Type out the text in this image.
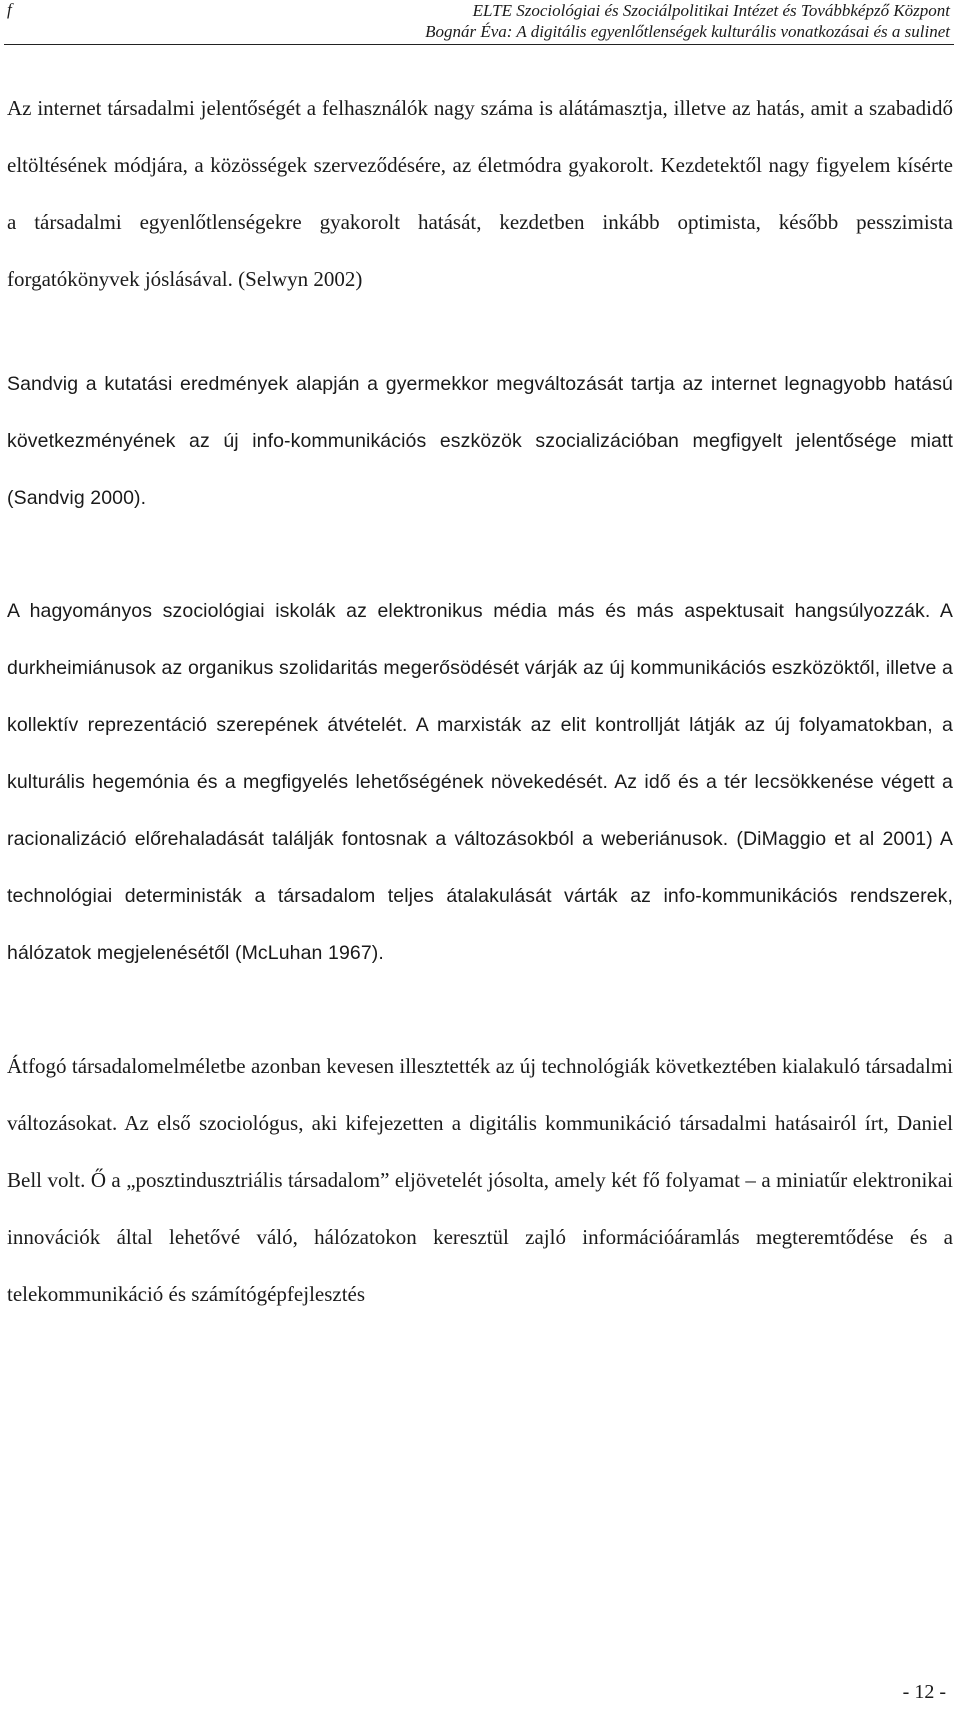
f	ELTE Szociológiai és Szociálpolitikai Intézet és Továbbképző Központ
Bognár Éva: A digitális egyenlőtlenségek kulturális vonatkozásai és a sulinet

Az internet társadalmi jelentőségét a felhasználók nagy száma is alátámasztja, illetve az hatás, amit a szabadidő eltöltésének módjára, a közösségek szerveződésére, az életmódra gyakorolt. Kezdetektől nagy figyelem kísérte a társadalmi egyenlőtlenségekre gyakorolt hatását, kezdetben inkább optimista, később pesszimista forgatókönyvek jóslásával. (Selwyn 2002)

Sandvig a kutatási eredmények alapján a gyermekkor megváltozását tartja az internet legnagyobb hatású következményének az új info-kommunikációs eszközök szocializációban megfigyelt jelentősége miatt (Sandvig 2000).

A hagyományos szociológiai iskolák az elektronikus média más és más aspektusait hangsúlyozzák. A durkheimiánusok az organikus szolidaritás megerősödését várják az új kommunikációs eszközöktől, illetve a kollektív reprezentáció szerepének átvételét. A marxisták az elit kontrollját látják az új folyamatokban, a kulturális hegemónia és a megfigyelés lehetőségének növekedését. Az idő és a tér lecsökkenése végett a racionalizáció előrehaladását találják fontosnak a változásokból a weberiánusok. (DiMaggio et al 2001) A technológiai deterministák a társadalom teljes átalakulását várták az info-kommunikációs rendszerek, hálózatok megjelenésétől (McLuhan 1967).

Átfogó társadalomelméletbe azonban kevesen illesztették az új technológiák következtében kialakuló társadalmi változásokat. Az első szociológus, aki kifejezetten a digitális kommunikáció társadalmi hatásairól írt, Daniel Bell volt. Ő a „posztindusztriális társadalom” eljövetelét jósolta, amely két fő folyamat – a miniatűr elektronikai innovációk által lehetővé váló, hálózatokon keresztül zajló információáramlás megteremtődése és a telekommunikáció és számítógépfejlesztés

- 12 -
